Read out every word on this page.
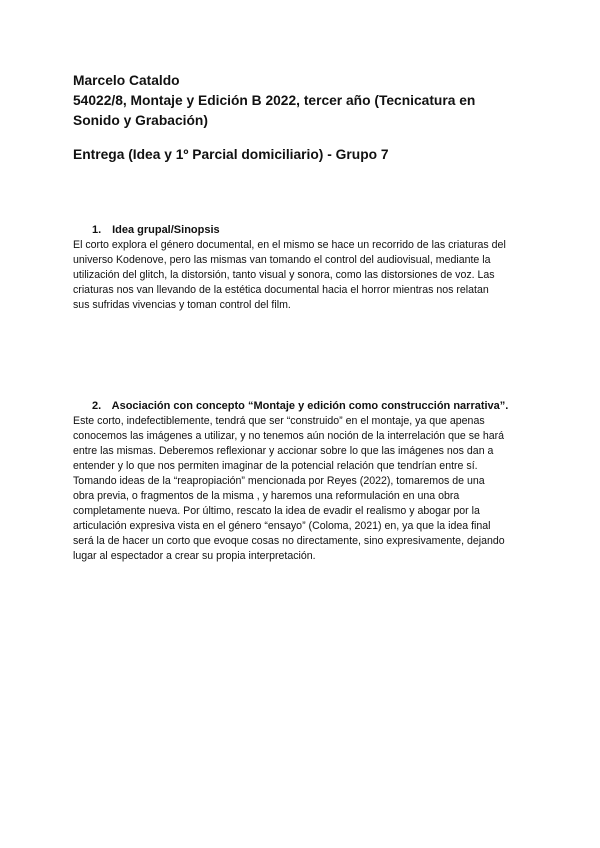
Marcelo Cataldo
54022/8, Montaje y Edición B 2022, tercer año (Tecnicatura en
Sonido y Grabación)
Entrega (Idea y 1º Parcial domiciliario) - Grupo 7
1. Idea grupal/Sinopsis
El corto explora el género documental, en el mismo se hace un recorrido de las criaturas del
universo Kodenove, pero las mismas van tomando el control del audiovisual, mediante la
utilización del glitch, la distorsión, tanto visual y sonora, como las distorsiones de voz. Las
criaturas nos van llevando de la estética documental hacia el horror mientras nos relatan
sus sufridas vivencias y toman control del film.
2. Asociación con concepto “Montaje y edición como construcción narrativa”.
Este corto, indefectiblemente, tendrá que ser “construido” en el montaje, ya que apenas
conocemos las imágenes a utilizar, y no tenemos aún noción de la interrelación que se hará
entre las mismas. Deberemos reflexionar y accionar sobre lo que las imágenes nos dan a
entender y lo que nos permiten imaginar de la potencial relación que tendrían entre sí.
Tomando ideas de la “reapropiación” mencionada por Reyes (2022), tomaremos de una
obra previa, o fragmentos de la misma , y haremos una reformulación en una obra
completamente nueva. Por último, rescato la idea de evadir el realismo y abogar por la
articulación expresiva vista en el género “ensayo” (Coloma, 2021) en, ya que la idea final
será la de hacer un corto que evoque cosas no directamente, sino expresivamente, dejando
lugar al espectador a crear su propia interpretación.
